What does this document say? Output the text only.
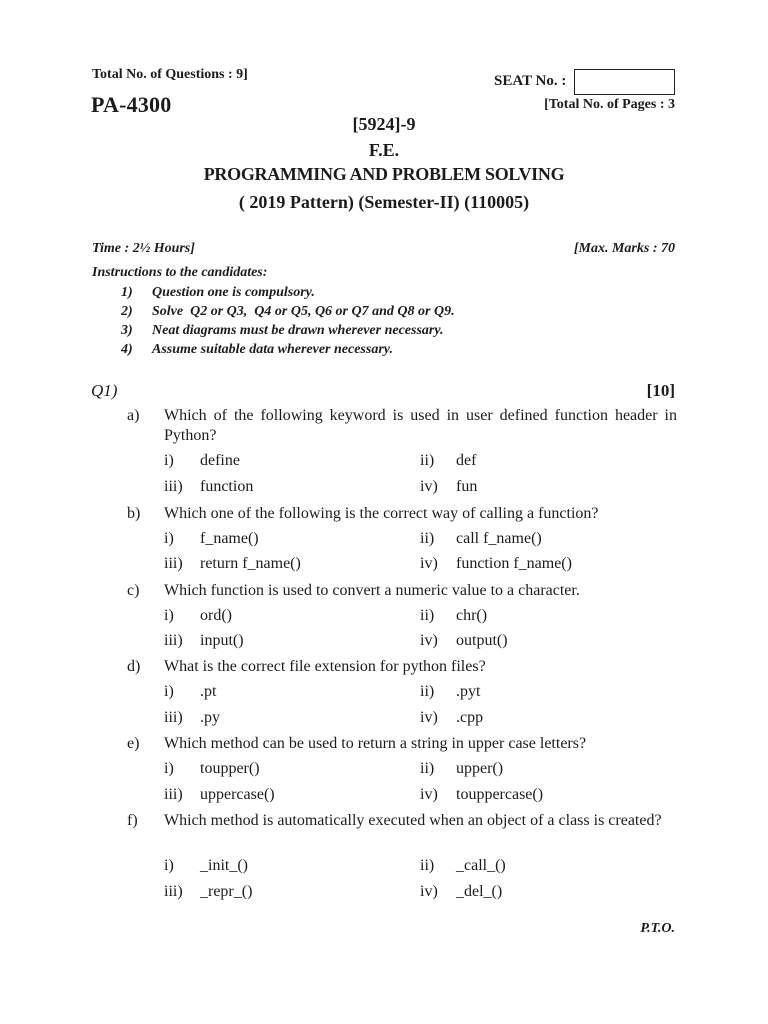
Total No. of Questions : 9]
PA-4300
SEAT No. :
[Total No. of Pages : 3
[5924]-9
F.E.
PROGRAMMING AND PROBLEM SOLVING
( 2019 Pattern) (Semester-II) (110005)
Time : 2½ Hours]	[Max. Marks : 70
Instructions to the candidates:
1) Question one is compulsory.
2) Solve  Q2 or Q3,  Q4 or Q5, Q6 or Q7 and Q8 or Q9.
3) Neat diagrams must be drawn wherever necessary.
4) Assume suitable data wherever necessary.
Q1)	[10]
a) Which of the following keyword is used in user defined function header in Python?
i) define	ii) def
iii) function	iv) fun
b) Which one of the following is the correct way of calling a function?
i) f_name()	ii) call f_name()
iii) return f_name()	iv) function f_name()
c) Which function is used to convert a numeric value to a character.
i) ord()	ii) chr()
iii) input()	iv) output()
d) What is the correct file extension for python files?
i) .pt	ii) .pyt
iii) .py	iv) .cpp
e) Which method can be used to return a string in upper case letters?
i) toupper()	ii) upper()
iii) uppercase()	iv) touppercase()
f) Which method is automatically executed when an object of a class is created?
i) _init_()	ii) _call_()
iii) _repr_()	iv) _del_()
P.T.O.
